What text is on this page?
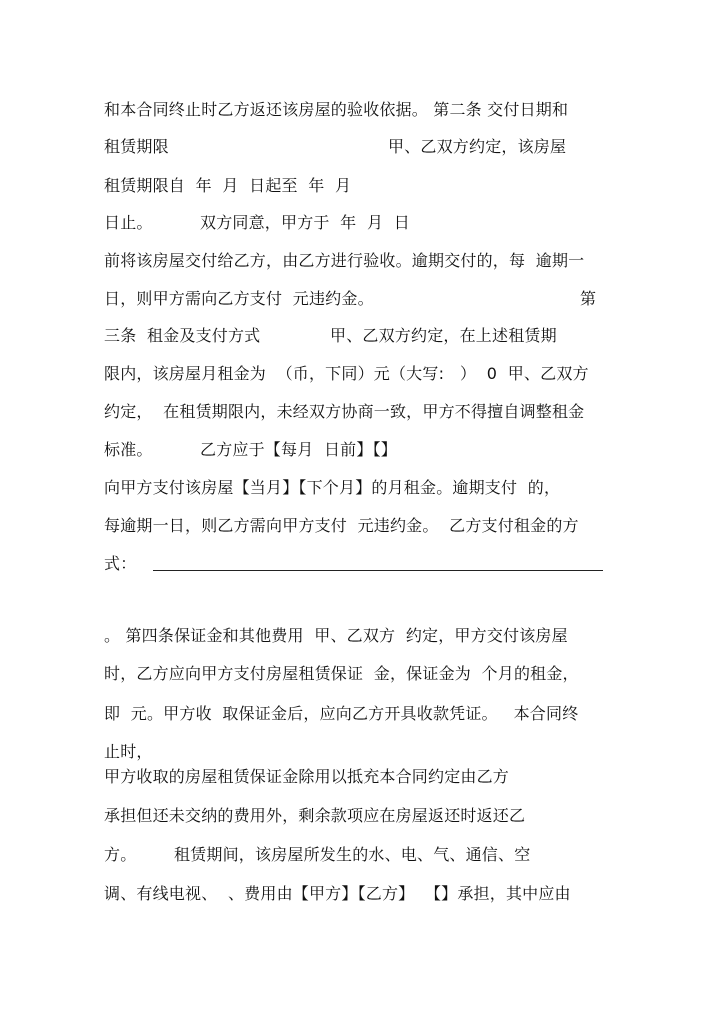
和本合同终止时乙方返还该房屋的验收依据。 第二条 交付日期和
租赁期限	甲、乙双方约定，该房屋
租赁期限自  年  月  日起至  年  月
日止。	双方同意，甲方于  年  月  日
前将该房屋交付给乙方，由乙方进行验收。逾期交付的，每  逾期一
日，则甲方需向乙方支付  元违约金。	第
三条  租金及支付方式	甲、乙双方约定，在上述租赁期
限内，该房屋月租金为  （币，下同）元（大写:   ）  0  甲、乙双方
约定，  在租赁期限内，未经双方协商一致，甲方不得擅自调整租金
标准。	乙方应于【每月  日前】【】
向甲方支付该房屋【当月】【下个月】的月租金。逾期支付  的，
每逾期一日，则乙方需向甲方支付  元违约金。  乙方支付租金的方
式：
。 第四条保证金和其他费用  甲、乙双方  约定，甲方交付该房屋
时，乙方应向甲方支付房屋租赁保证  金，保证金为  个月的租金，
即  元。甲方收  取保证金后，应向乙方开具收款凭证。   本合同终
止时，
甲方收取的房屋租赁保证金除用以抵充本合同约定由乙方
承担但还未交纳的费用外，剩余款项应在房屋返还时返还乙
方。 租赁期间，该房屋所发生的水、电、气、通信、空
调、有线电视、  、费用由【甲方】【乙方】  【】承担，其中应由
